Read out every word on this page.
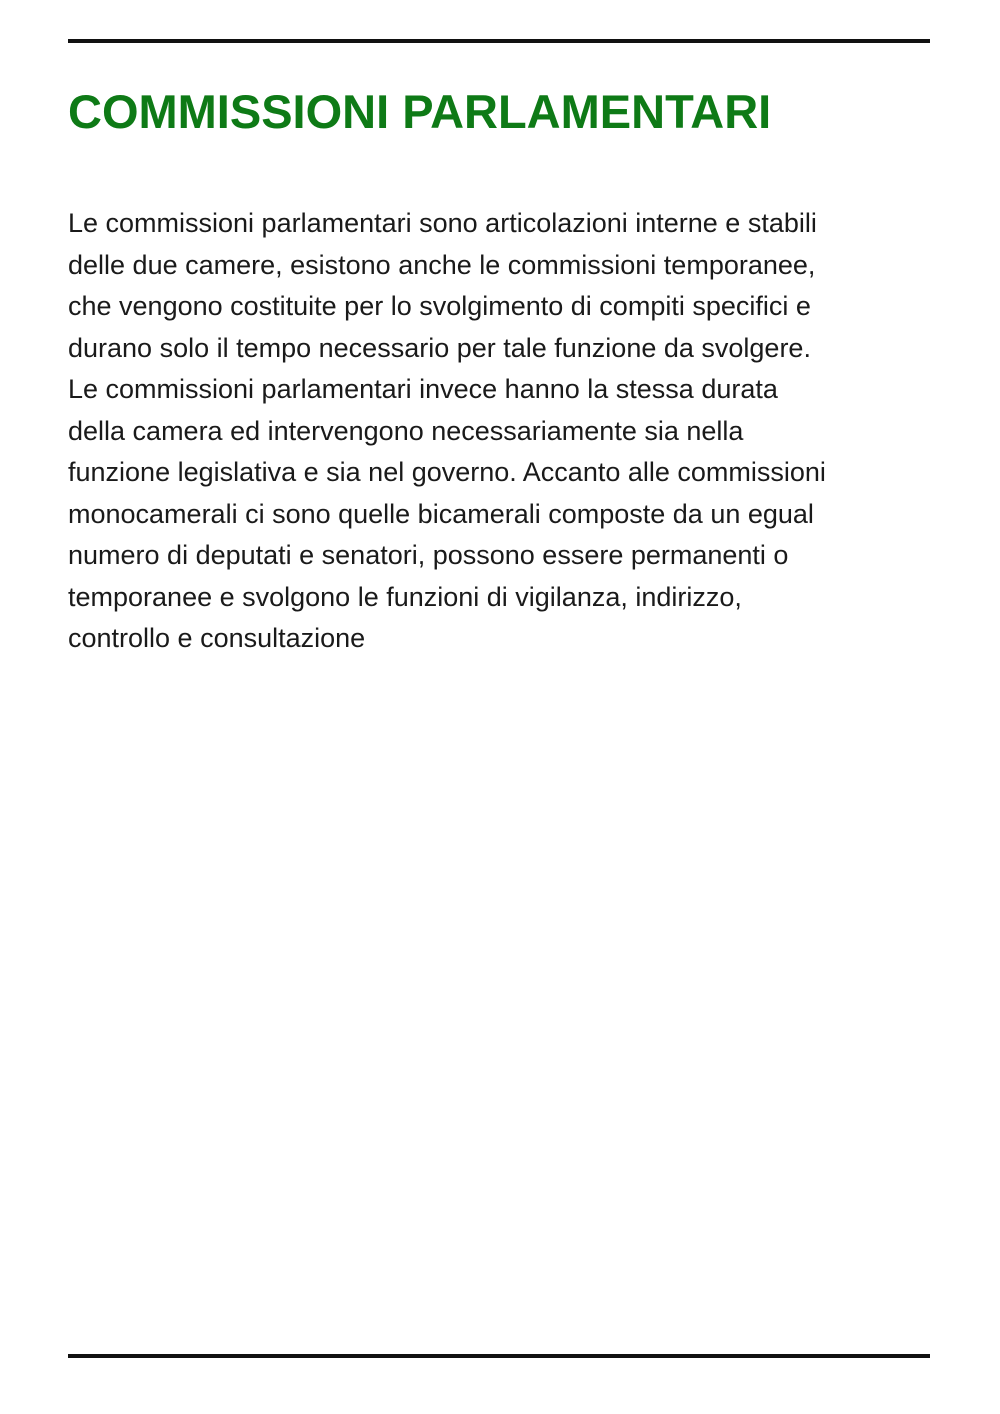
COMMISSIONI PARLAMENTARI

Le commissioni parlamentari sono articolazioni interne e stabili
delle due camere, esistono anche le commissioni temporanee,
che vengono costituite per lo svolgimento di compiti specifici e
durano solo il tempo necessario per tale funzione da svolgere.
Le commissioni parlamentari invece hanno la stessa durata
della camera ed intervengono necessariamente sia nella
funzione legislativa e sia nel governo. Accanto alle commissioni
monocamerali ci sono quelle bicamerali composte da un egual
numero di deputati e senatori, possono essere permanenti o
temporanee e svolgono le funzioni di vigilanza, indirizzo,
controllo e consultazione
